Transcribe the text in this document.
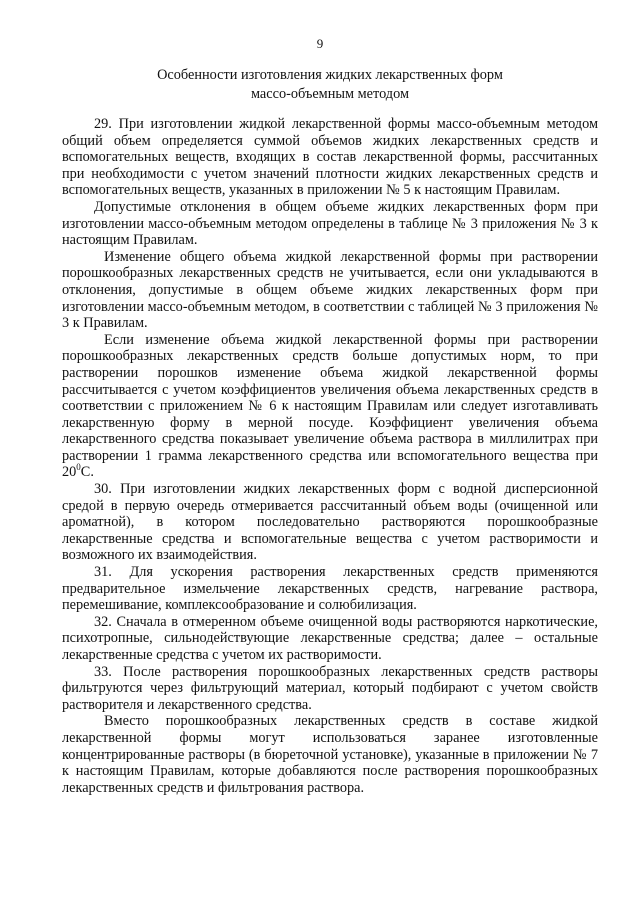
9
Особенности изготовления жидких лекарственных форм
массо-объемным методом

29. При изготовлении жидкой лекарственной формы массо-объемным методом общий объем определяется суммой объемов жидких лекарственных средств и вспомогательных веществ, входящих в состав лекарственной формы, рассчитанных при необходимости с учетом значений плотности жидких лекарственных средств и вспомогательных веществ, указанных в приложении № 5 к настоящим Правилам.

Допустимые отклонения в общем объеме жидких лекарственных форм при изготовлении массо-объемным методом определены в таблице № 3 приложения № 3 к настоящим Правилам.

Изменение общего объема жидкой лекарственной формы при растворении порошкообразных лекарственных средств не учитывается, если они укладываются в отклонения, допустимые в общем объеме жидких лекарственных форм при изготовлении массо-объемным методом, в соответствии с таблицей № 3 приложения № 3 к Правилам.

Если изменение объема жидкой лекарственной формы при растворении порошкообразных лекарственных средств больше допустимых норм, то при растворении порошков изменение объема жидкой лекарственной формы рассчитывается с учетом коэффициентов увеличения объема лекарственных средств в соответствии с приложением № 6 к настоящим Правилам или следует изготавливать лекарственную форму в мерной посуде. Коэффициент увеличения объема лекарственного средства показывает увеличение объема раствора в миллилитрах при растворении 1 грамма лекарственного средства или вспомогательного вещества при $20^0С$.

30. При изготовлении жидких лекарственных форм с водной дисперсионной средой в первую очередь отмеривается рассчитанный объем воды (очищенной или ароматной), в котором последовательно растворяются порошкообразные лекарственные средства и вспомогательные вещества с учетом растворимости и возможного их взаимодействия.

31. Для ускорения растворения лекарственных средств применяются предварительное измельчение лекарственных средств, нагревание раствора, перемешивание, комплексообразование и солюбилизация.

32. Сначала в отмеренном объеме очищенной воды растворяются наркотические, психотропные, сильнодействующие лекарственные средства; далее – остальные лекарственные средства с учетом их растворимости.

33. После растворения порошкообразных лекарственных средств растворы фильтруются через фильтрующий материал, который подбирают с учетом свойств растворителя и лекарственного средства.

Вместо порошкообразных лекарственных средств в составе жидкой лекарственной формы могут использоваться заранее изготовленные концентрированные растворы (в бюреточной установке), указанные в приложении № 7 к настоящим Правилам, которые добавляются после растворения порошкообразных лекарственных средств и фильтрования раствора.
